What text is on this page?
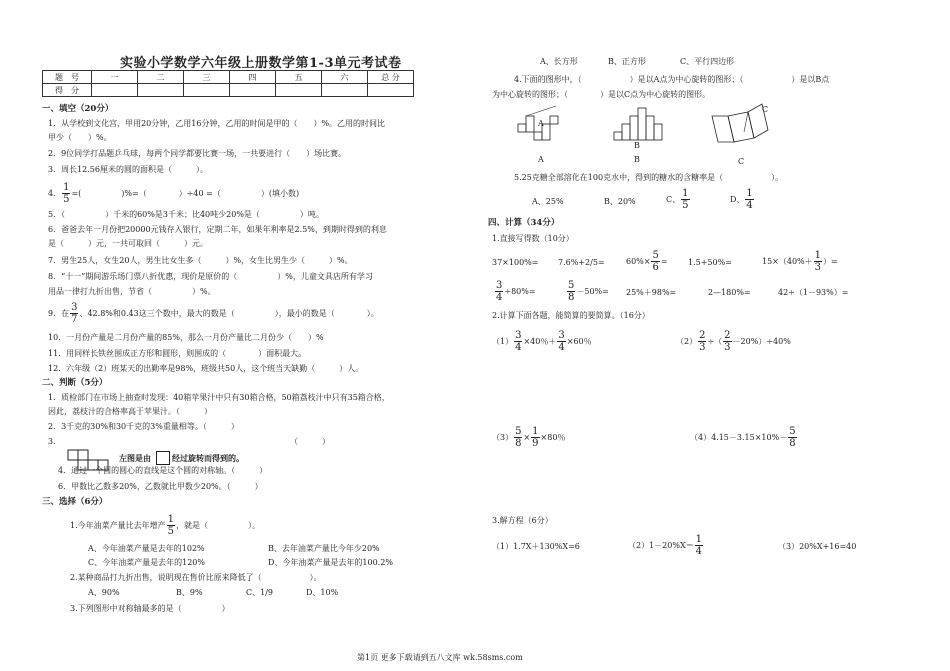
实验小学数学六年级上册数学第1-3单元考试卷
题　号	一	二	三	四	五	六	总 分
得　分							
一、填空（20分）
1．从学校到文化宫，甲用20分钟，乙用16分钟，乙用的时间是甲的（　　）%。乙用的时间比
甲少（　　）%。
2．9位同学打品题乒乓球，每两个同学都要比赛一场，一共要进行（　　）场比赛。
3．周长12.56厘米的圆的面积是（　　　）。
4． $\frac{1}{5}$ =(　　　　　)%=（　　　　）÷40 =（　　　　　）(填小数)
5．（　　　　　）千米的60%是3千米；比40吨少20%是（　　　　　）吨。
6．爸爸去年一月份把20000元钱存入银行，定期二年，如果年利率是2.5%，到期时得到的利息
是（　　　）元，一共可取回（　　　）元。
7．男生25人，女生20人，男生比女生多（　　　）%，女生比男生少（　　　）%。
8．“十一”期间游乐场门票八折优惠，现价是原价的（　　　　　）%，儿童文具店所有学习
用品一律打九折出售，节省（　　　　　）%。
9．在 $\frac{3}{7}$ 、42.8%和0.43这三个数中，最大的数是（　　　　　），最小的数是（　　　　）。
10．一月份产量是二月份产量的85%，那么一月份产量比二月份少（　　）%
11．用同样长铁丝围成正方形和圆形，则围成的（　　　　）面积最大。
12．六年级（2）班某天的出勤率是98%，班级共50人，这个班当天缺勤（　　　）人。
二、判断（5分）
1．质检部门在市场上抽查时发现：40箱苹果汁中只有30箱合格，50箱荔枝汁中只有35箱合格，
因此，荔枝汁的合格率高于苹果汁。（　　　）
2．3千克的30%和30千克的3%重量相等。（　　　）
3．	（　　　）
左图是由	经过旋转而得到的。
4．通过一个圆的圆心的直线是这个圆的对称轴。（　　　）
6．甲数比乙数多20%，乙数就比甲数少20%。（　　　）
三、选择（6分）
1.今年油菜产量比去年增产 $\frac{1}{5}$ ，就是（　　　　　）。
A、今年油菜产量是去年的102%	B、去年油菜产量比今年少20%
C、今年油菜产量是去年的120%	D、今年油菜产量是去年的100.2%
2.某种商品打九折出售，说明现在售价比原来降低了（　　　　　　）。
A、90%	B、9%	C、1/9	D、10%
3.下列图形中对称轴最多的是（　　　　　）
A、长方形	B、正方形	C、平行四边形
4.下面的图形中，（　　　　　　）是以A点为中心旋转的图形；（　　　　　　）是以B点
为中心旋转的图形；（　　　　）是以C点为中心旋转的图形。
A
A
B
B
C
C
5.25克糖全部溶化在100克水中，得到的糖水的含糖率是（　　　　　　）。
A、25%	B、20%	C、 $\frac{1}{5}$	D、 $\frac{1}{4}$
四、计算（34分）
1.直接写得数（10分）
37×100%= 7.6%+2/5=	$60\%\times \frac{5}{6}$ =	1.5+50%=	$15\times(40\%+ \frac{1}{3}$ ）=
$\frac{3}{4} \div 80\%=$	$\frac{5}{8} -50\%= 25\%+98\%=$	2—180%=	42÷（1－93%）=
2.计算下面各题，能简算的要简算。（16分）
$(1) \frac{3}{4} \times 40$％＋ $\frac{3}{4} \times 60$％	$(2) \frac{2}{3}$ ÷（ $\frac{2}{3} -20\%)\div 40\%$
$(3) \frac{5}{8} \times \frac{1}{9} \times 80$％	$(4)4.15-3.15\times 10\%- \frac{5}{8}$
3.解方程（6分）
（1）1.7X＋130%X=6	$(2)1-20\%X= \frac{1}{4}$	（3）20%X+16=40
第1页 更多下载请到五八文库 wk.58sms.com
